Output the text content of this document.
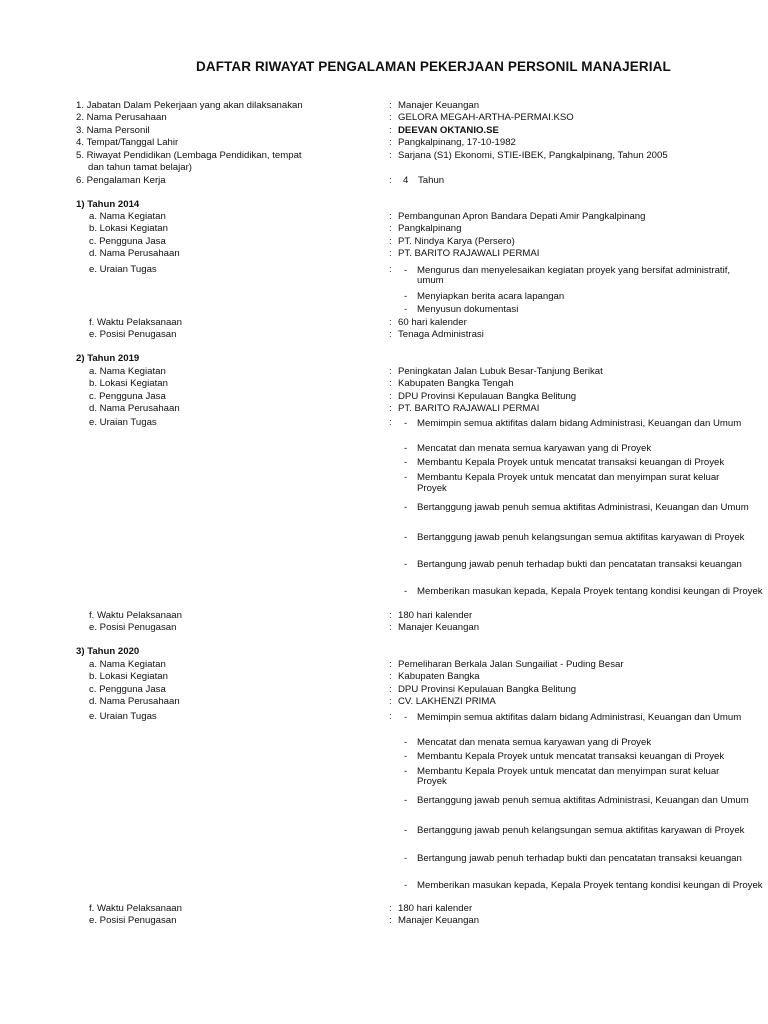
DAFTAR RIWAYAT PENGALAMAN PEKERJAAN PERSONIL MANAJERIAL
1. Jabatan Dalam Pekerjaan yang akan dilaksanakan	: Manajer Keuangan
2. Nama Perusahaan	: GELORA MEGAH-ARTHA-PERMAI.KSO
3. Nama Personil	: DEEVAN OKTANIO.SE
4. Tempat/Tanggal Lahir	: Pangkalpinang, 17-10-1982
5. Riwayat Pendidikan (Lembaga Pendidikan, tempat	: Sarjana (S1) Ekonomi, STIE-IBEK, Pangkalpinang, Tahun 2005
dan tahun tamat belajar)
6. Pengalaman Kerja	: 4 Tahun
1) Tahun 2014
a. Nama Kegiatan	: Pembangunan Apron Bandara Depati Amir Pangkalpinang
b. Lokasi Kegiatan	: Pangkalpinang
c. Pengguna Jasa	: PT. Nindya Karya (Persero)
d. Nama Perusahaan	: PT. BARITO RAJAWALI PERMAI
e. Uraian Tugas	: - Mengurus dan menyelesaikan kegiatan proyek yang bersifat administratif,
umum
- Menyiapkan berita acara lapangan
- Menyusun dokumentasi
f. Waktu Pelaksanaan	: 60 hari kalender
e. Posisi Penugasan	: Tenaga Administrasi
2) Tahun 2019
a. Nama Kegiatan	: Peningkatan Jalan Lubuk Besar-Tanjung Berikat
b. Lokasi Kegiatan	: Kabupaten Bangka Tengah
c. Pengguna Jasa	: DPU Provinsi Kepulauan Bangka Belitung
d. Nama Perusahaan	: PT. BARITO RAJAWALI PERMAI
e. Uraian Tugas	: - Memimpin semua aktifitas dalam bidang Administrasi, Keuangan dan Umum
- Mencatat dan menata semua karyawan yang di Proyek
- Membantu Kepala Proyek untuk mencatat transaksi keuangan di Proyek
- Membantu Kepala Proyek untuk mencatat dan menyimpan surat keluar
Proyek
- Bertanggung jawab penuh semua aktifitas Administrasi, Keuangan dan Umum
- Bertanggung jawab penuh kelangsungan semua aktifitas karyawan di Proyek
- Bertangung jawab penuh terhadap bukti dan pencatatan transaksi keuangan
- Memberikan masukan kepada, Kepala Proyek tentang kondisi keungan di Proyek
f. Waktu Pelaksanaan	: 180 hari kalender
e. Posisi Penugasan	: Manajer Keuangan
3) Tahun 2020
a. Nama Kegiatan	: Pemeliharan Berkala Jalan Sungailiat - Puding Besar
b. Lokasi Kegiatan	: Kabupaten Bangka
c. Pengguna Jasa	: DPU Provinsi Kepulauan Bangka Belitung
d. Nama Perusahaan	: CV. LAKHENZI PRIMA
e. Uraian Tugas	: - Memimpin semua aktifitas dalam bidang Administrasi, Keuangan dan Umum
- Mencatat dan menata semua karyawan yang di Proyek
- Membantu Kepala Proyek untuk mencatat transaksi keuangan di Proyek
- Membantu Kepala Proyek untuk mencatat dan menyimpan surat keluar
Proyek
- Bertanggung jawab penuh semua aktifitas Administrasi, Keuangan dan Umum
- Bertanggung jawab penuh kelangsungan semua aktifitas karyawan di Proyek
- Bertangung jawab penuh terhadap bukti dan pencatatan transaksi keuangan
- Memberikan masukan kepada, Kepala Proyek tentang kondisi keungan di Proyek
f. Waktu Pelaksanaan	: 180 hari kalender
e. Posisi Penugasan	: Manajer Keuangan
